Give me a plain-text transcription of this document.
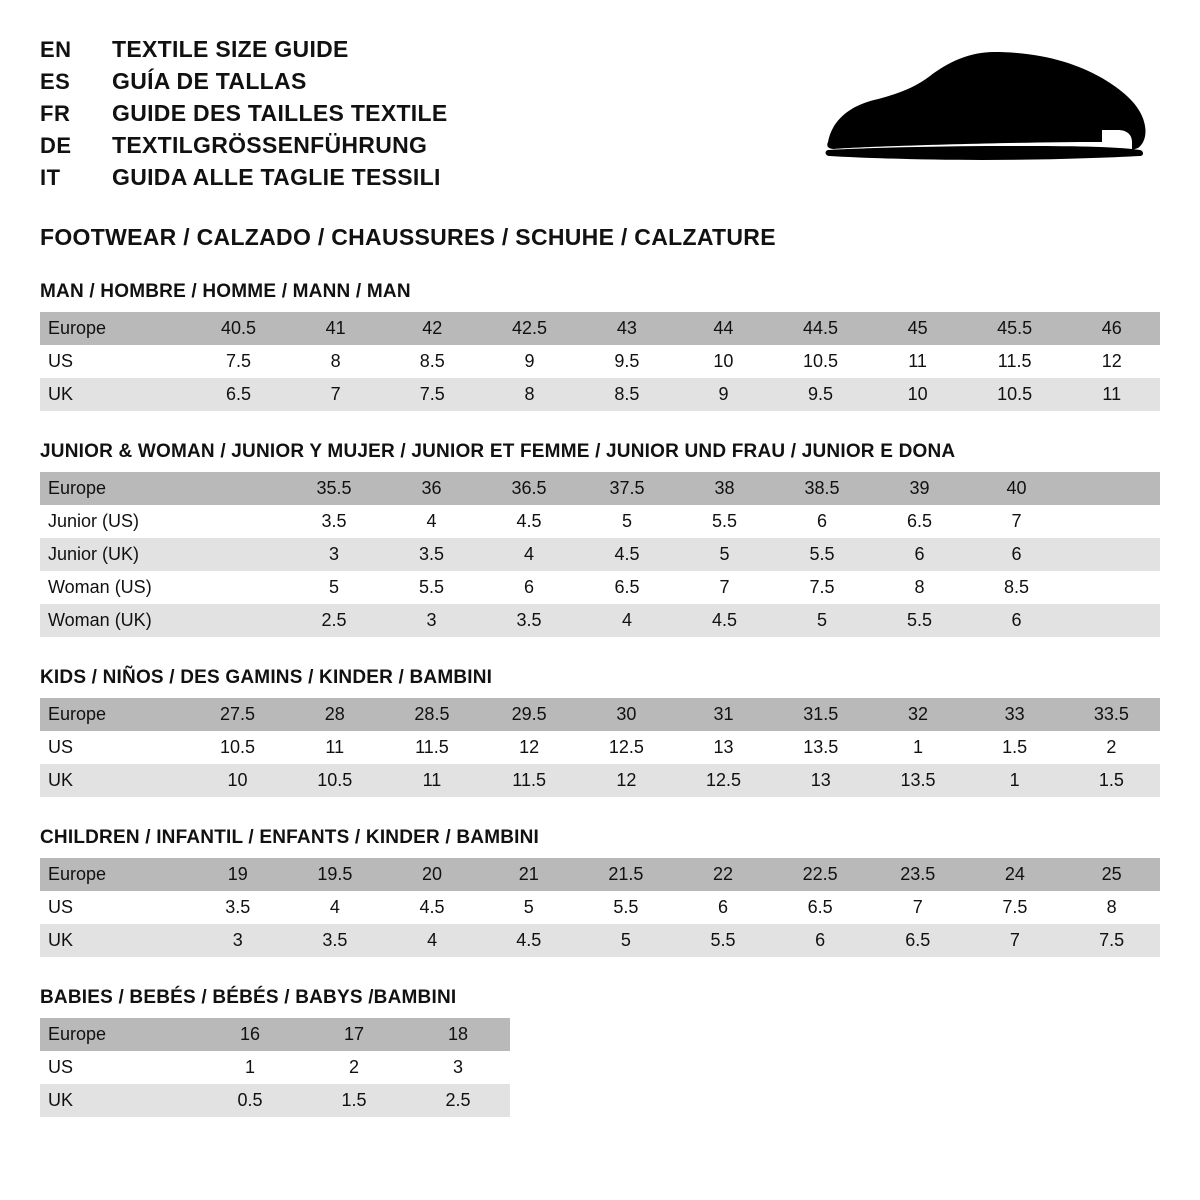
EN	TEXTILE SIZE GUIDE
ES	GUÍA DE TALLAS
FR	GUIDE DES TAILLES TEXTILE
DE	TEXTILGRÖSSENFÜHRUNG
IT	GUIDA ALLE TAGLIE TESSILI
FOOTWEAR / CALZADO / CHAUSSURES / SCHUHE / CALZATURE
MAN / HOMBRE / HOMME / MANN / MAN
Europe	40.5	41	42	42.5	43	44	44.5	45	45.5	46
US	7.5	8	8.5	9	9.5	10	10.5	11	11.5	12
UK	6.5	7	7.5	8	8.5	9	9.5	10	10.5	11
JUNIOR & WOMAN / JUNIOR Y MUJER / JUNIOR ET FEMME / JUNIOR UND FRAU / JUNIOR E DONA
Europe		35.5	36	36.5	37.5	38	38.5	39	40	
Junior (US)		3.5	4	4.5	5	5.5	6	6.5	7	
Junior (UK)		3	3.5	4	4.5	5	5.5	6	6	
Woman (US)		5	5.5	6	6.5	7	7.5	8	8.5	
Woman (UK)		2.5	3	3.5	4	4.5	5	5.5	6	
KIDS / NIÑOS / DES GAMINS / KINDER / BAMBINI
Europe	27.5	28	28.5	29.5	30	31	31.5	32	33	33.5
US	10.5	11	11.5	12	12.5	13	13.5	1	1.5	2
UK	10	10.5	11	11.5	12	12.5	13	13.5	1	1.5
CHILDREN / INFANTIL / ENFANTS / KINDER / BAMBINI
Europe	19	19.5	20	21	21.5	22	22.5	23.5	24	25
US	3.5	4	4.5	5	5.5	6	6.5	7	7.5	8
UK	3	3.5	4	4.5	5	5.5	6	6.5	7	7.5
BABIES / BEBÉS / BÉBÉS / BABYS /BAMBINI
Europe	16	17	18
US	1	2	3
UK	0.5	1.5	2.5
